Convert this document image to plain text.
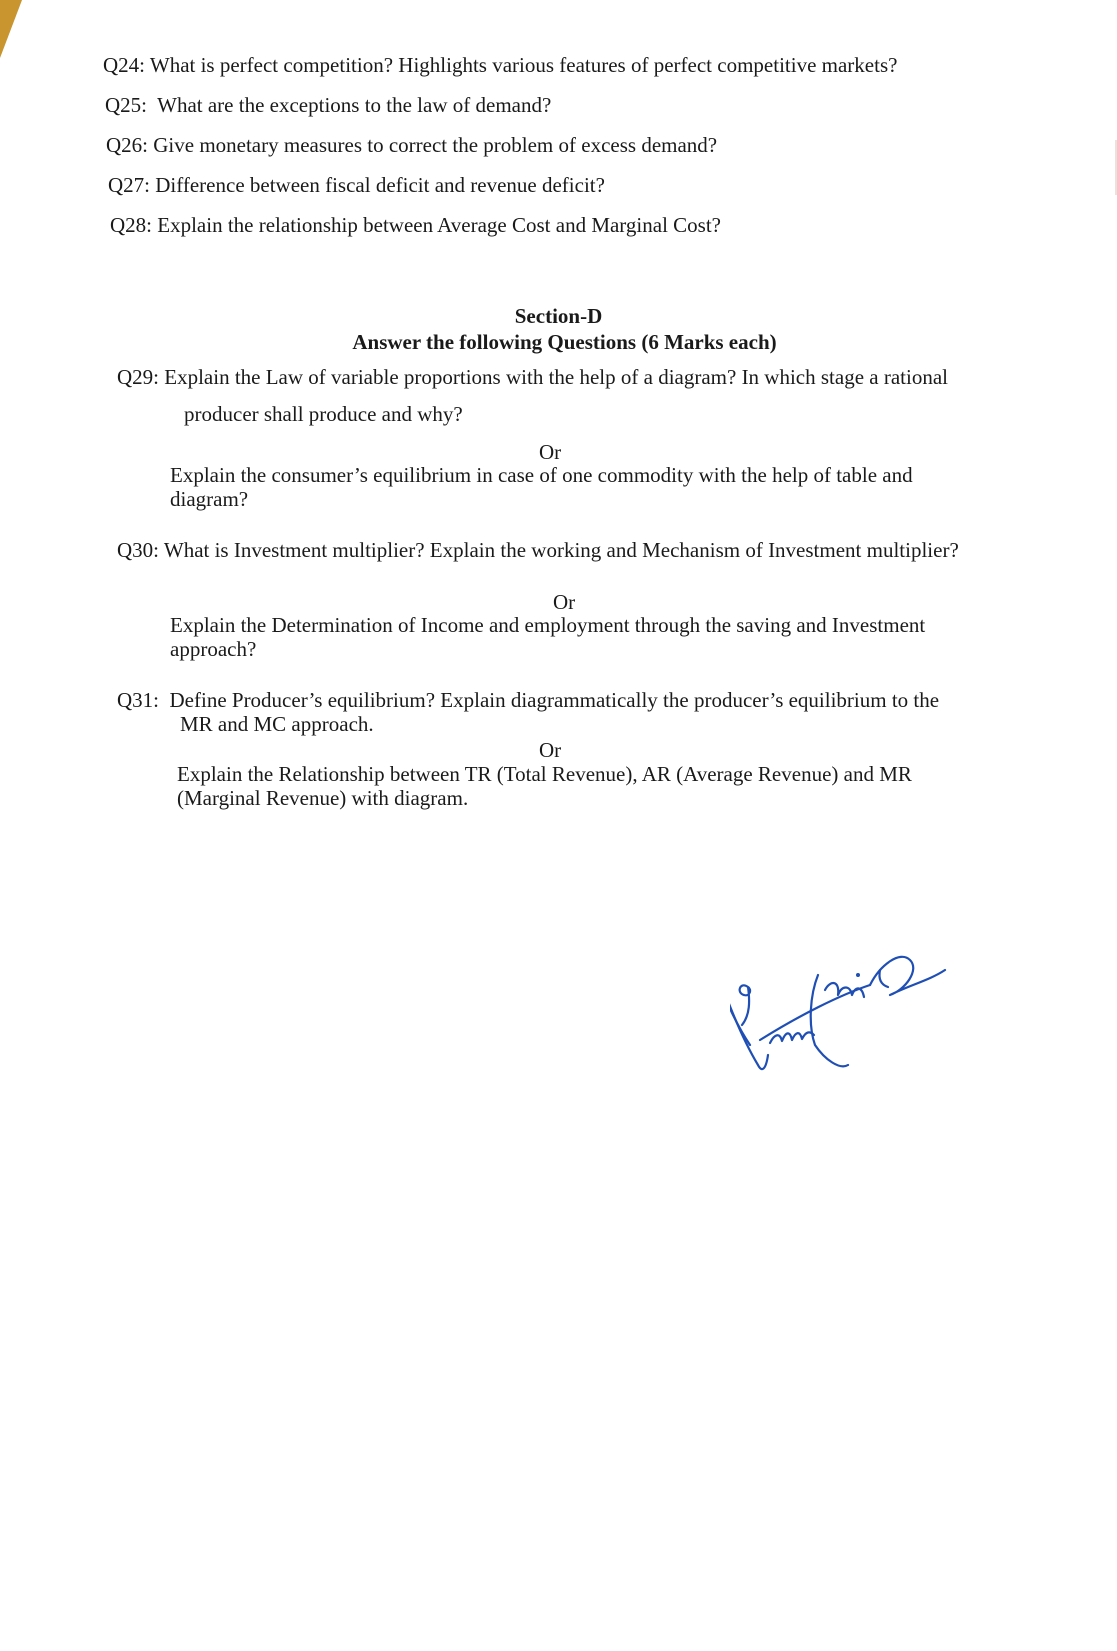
Q24: What is perfect competition? Highlights various features of perfect competitive markets?
Q25: What are the exceptions to the law of demand?
Q26: Give monetary measures to correct the problem of excess demand?
Q27: Difference between fiscal deficit and revenue deficit?
Q28: Explain the relationship between Average Cost and Marginal Cost?
Section-D
Answer the following Questions (6 Marks each)
Q29: Explain the Law of variable proportions with the help of a diagram? In which stage a rational
producer shall produce and why?
Or
Explain the consumer’s equilibrium in case of one commodity with the help of table and
diagram?
Q30: What is Investment multiplier? Explain the working and Mechanism of Investment multiplier?
Or
Explain the Determination of Income and employment through the saving and Investment
approach?
Q31: Define Producer’s equilibrium? Explain diagrammatically the producer’s equilibrium to the
MR and MC approach.
Or
Explain the Relationship between TR (Total Revenue), AR (Average Revenue) and MR
(Marginal Revenue) with diagram.
